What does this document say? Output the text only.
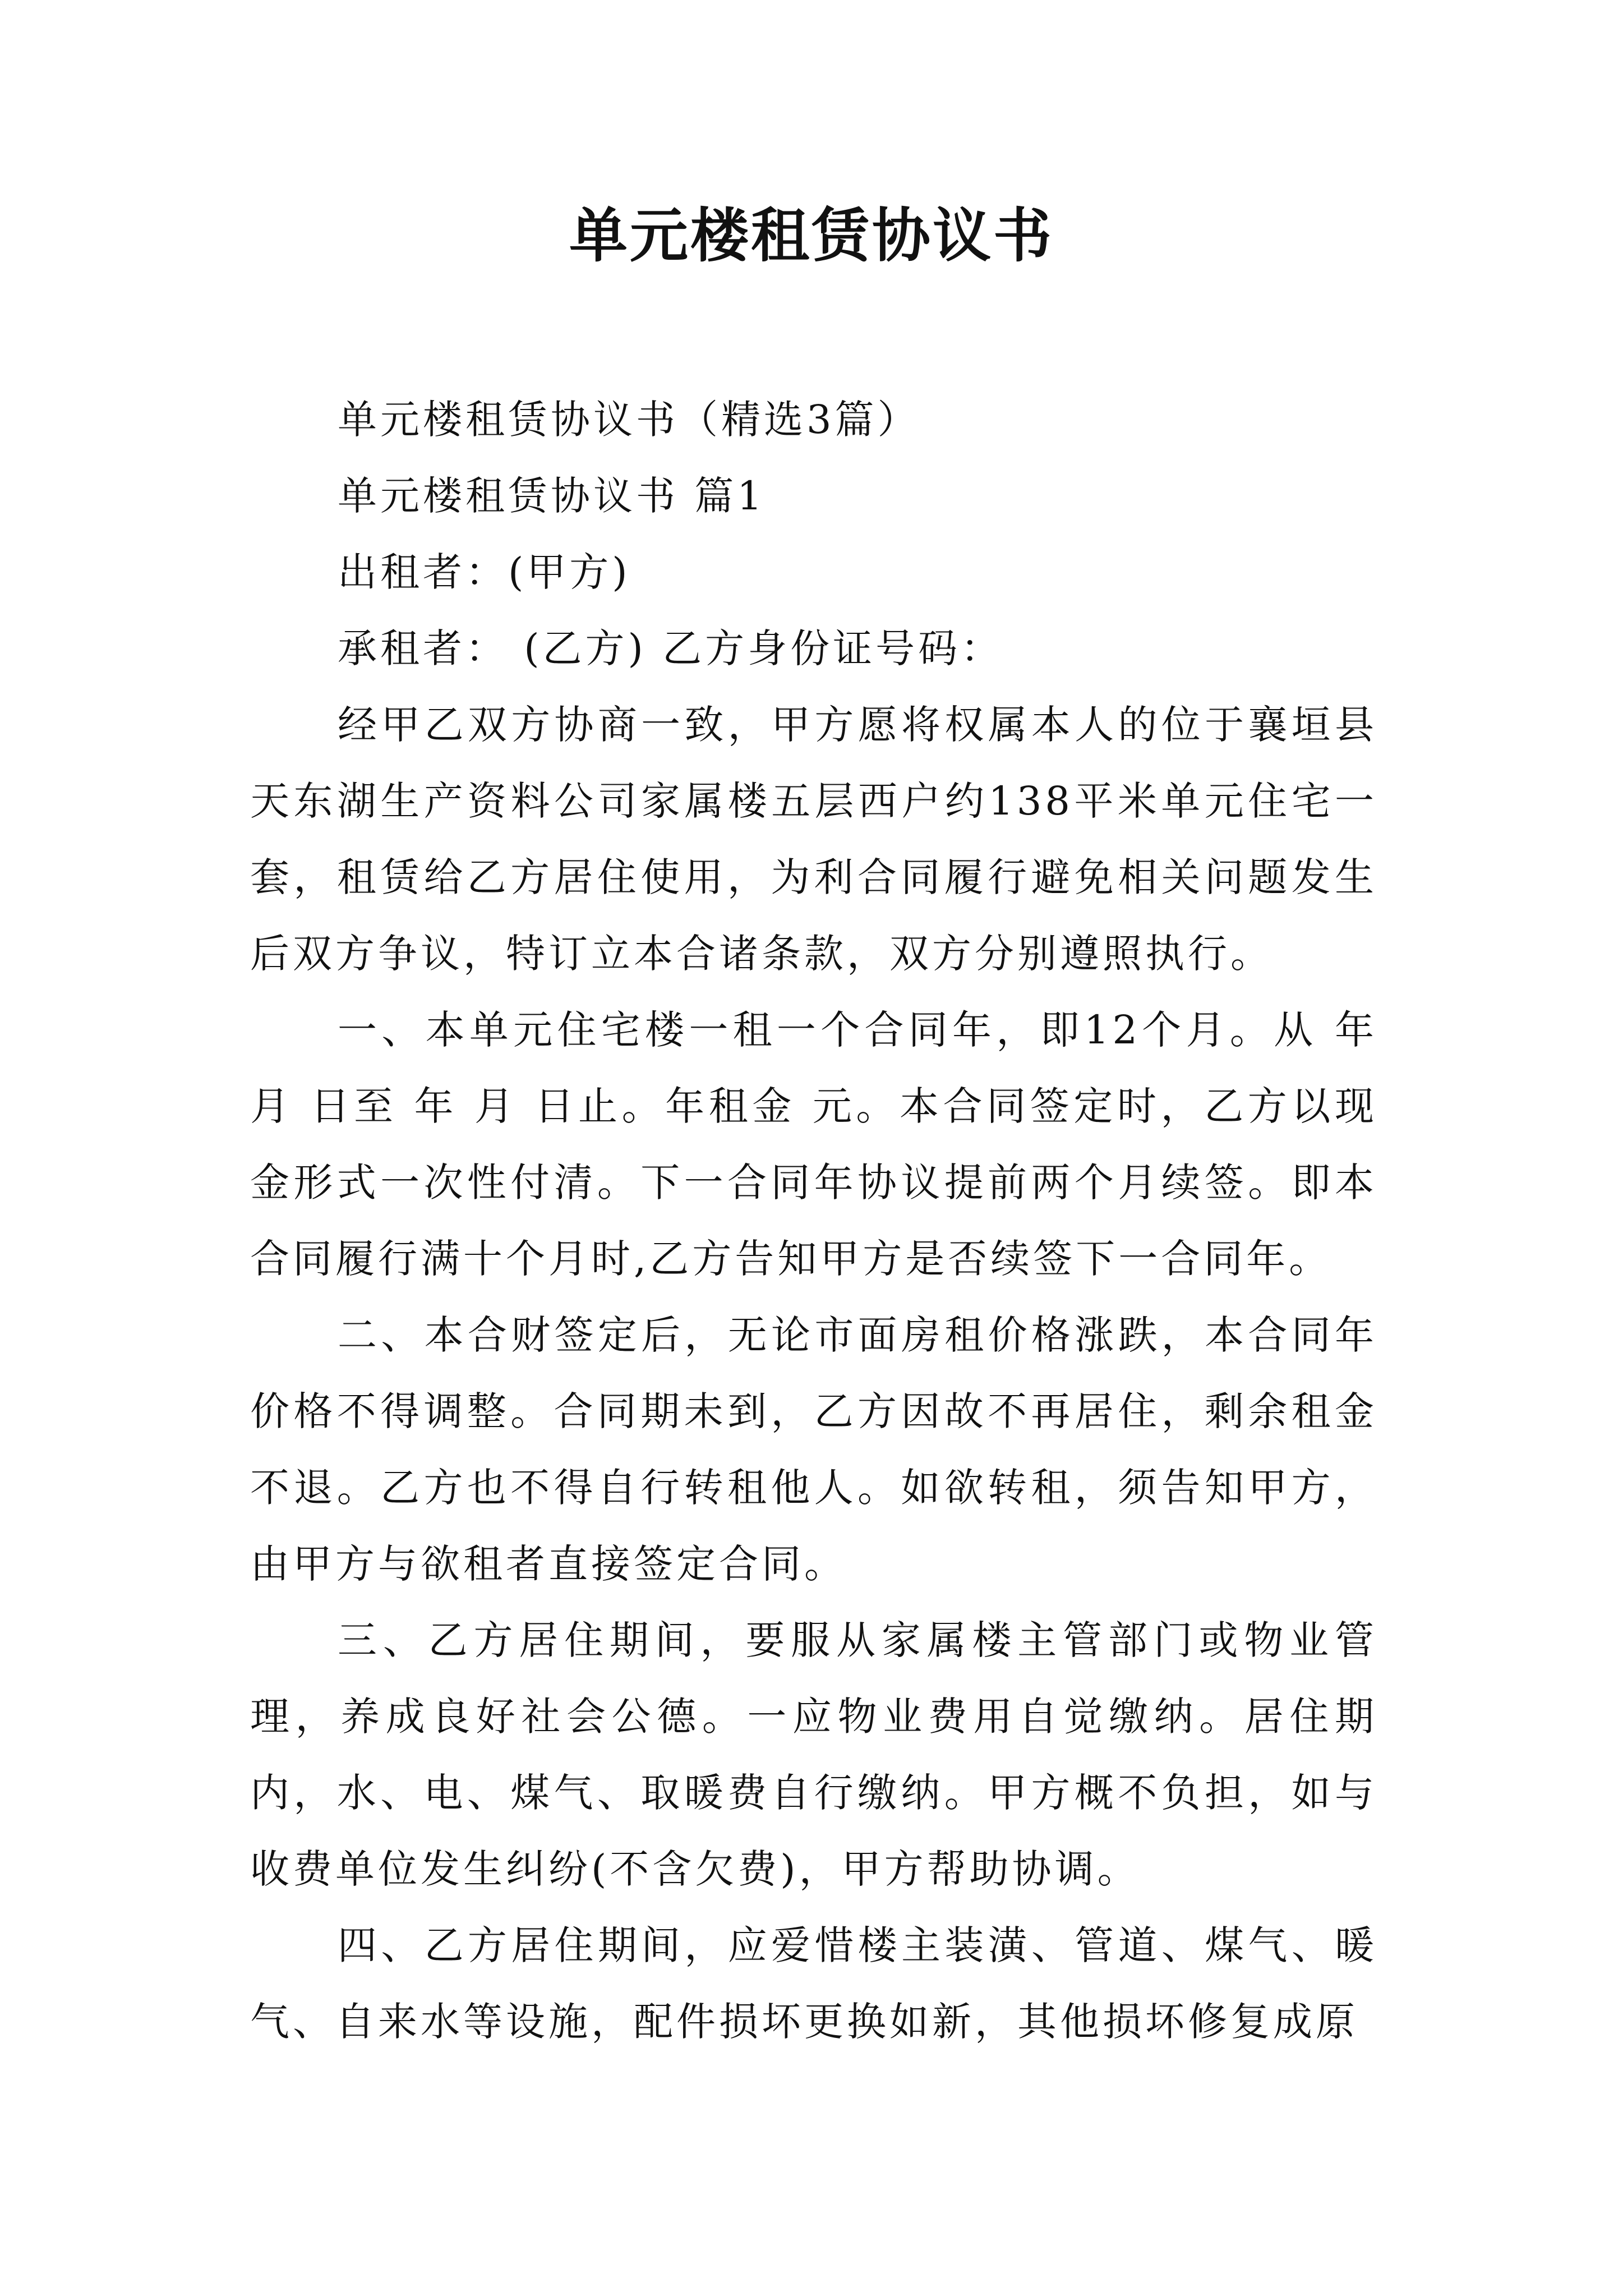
单元楼租赁协议书

单元楼租赁协议书（精选3篇）

单元楼租赁协议书 篇1

出租者：(甲方)

承租者： (乙方) 乙方身份证号码：

经甲乙双方协商一致，甲方愿将权属本人的位于襄垣县天东湖生产资料公司家属楼五层西户约138平米单元住宅一套，租赁给乙方居住使用，为利合同履行避免相关问题发生后双方争议，特订立本合诸条款，双方分别遵照执行。

一、本单元住宅楼一租一个合同年，即12个月。从 年 月 日至 年 月 日止。年租金 元。本合同签定时，乙方以现金形式一次性付清。下一合同年协议提前两个月续签。即本合同履行满十个月时,乙方告知甲方是否续签下一合同年。

二、本合财签定后，无论市面房租价格涨跌，本合同年价格不得调整。合同期未到，乙方因故不再居住，剩余租金不退。乙方也不得自行转租他人。如欲转租，须告知甲方，由甲方与欲租者直接签定合同。

三、乙方居住期间，要服从家属楼主管部门或物业管理，养成良好社会公德。一应物业费用自觉缴纳。居住期内，水、电、煤气、取暖费自行缴纳。甲方概不负担，如与收费单位发生纠纷(不含欠费)，甲方帮助协调。

四、乙方居住期间，应爱惜楼主装潢、管道、煤气、暖气、自来水等设施，配件损坏更换如新，其他损坏修复成原
